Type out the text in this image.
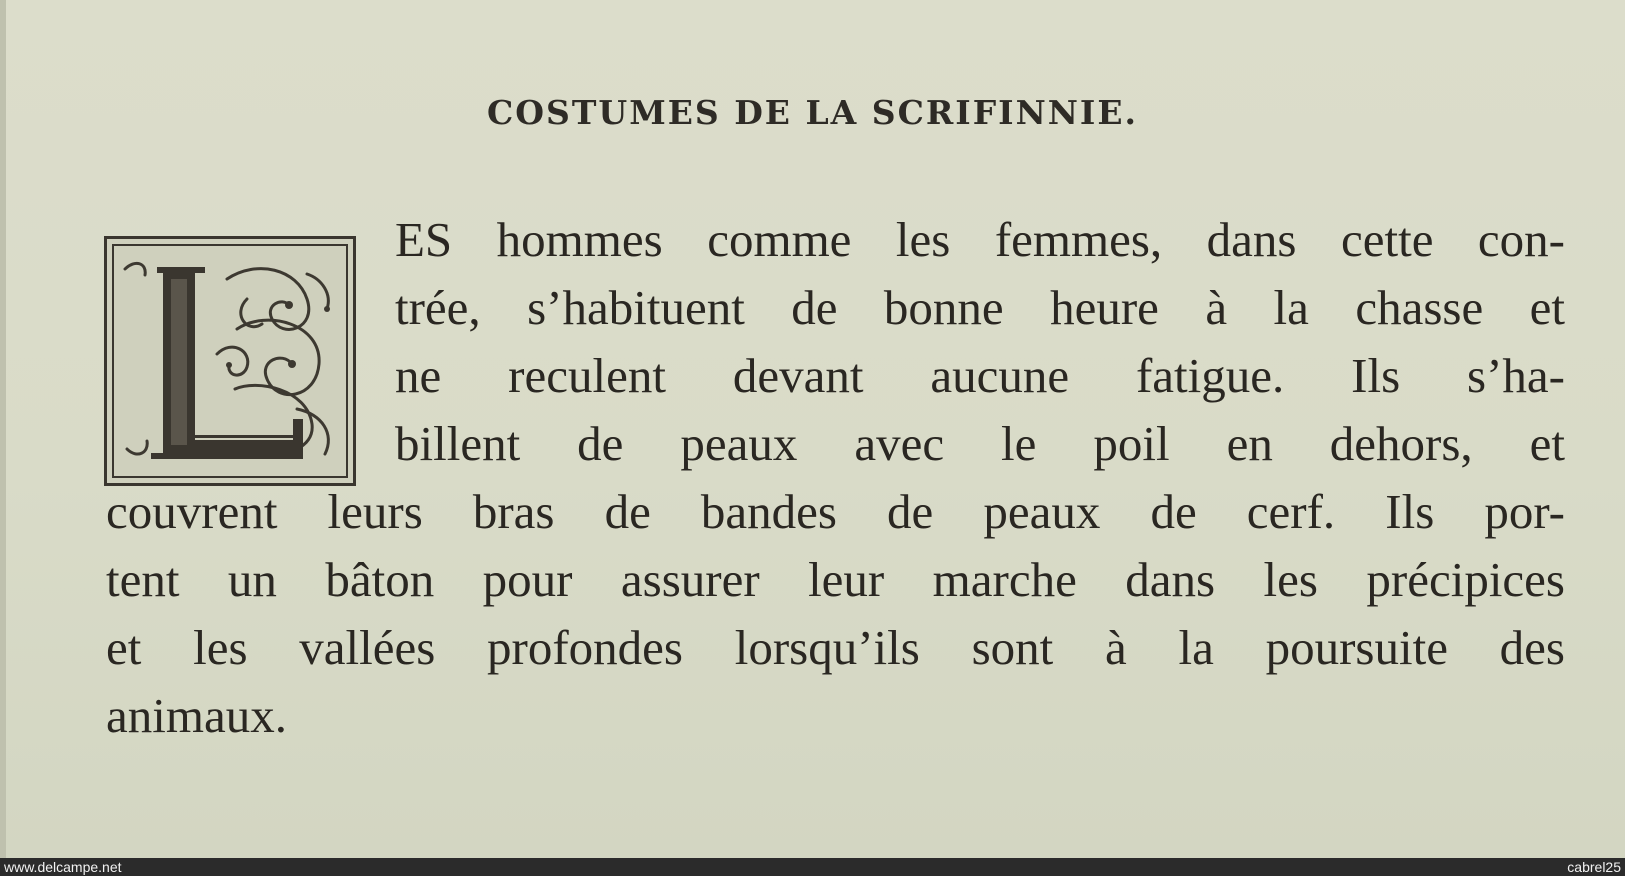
COSTUMES DE LA SCRIFINNIE.
ES hommes comme les femmes, dans cette con-
trée, s’habituent de bonne heure à la chasse et
ne reculent devant aucune fatigue. Ils s’ha-
billent de peaux avec le poil en dehors, et
couvrent leurs bras de bandes de peaux de cerf. Ils por-
tent un bâton pour assurer leur marche dans les précipices
et les vallées profondes lorsqu’ils sont à la poursuite des
animaux.
www.delcampe.net	cabrel25
